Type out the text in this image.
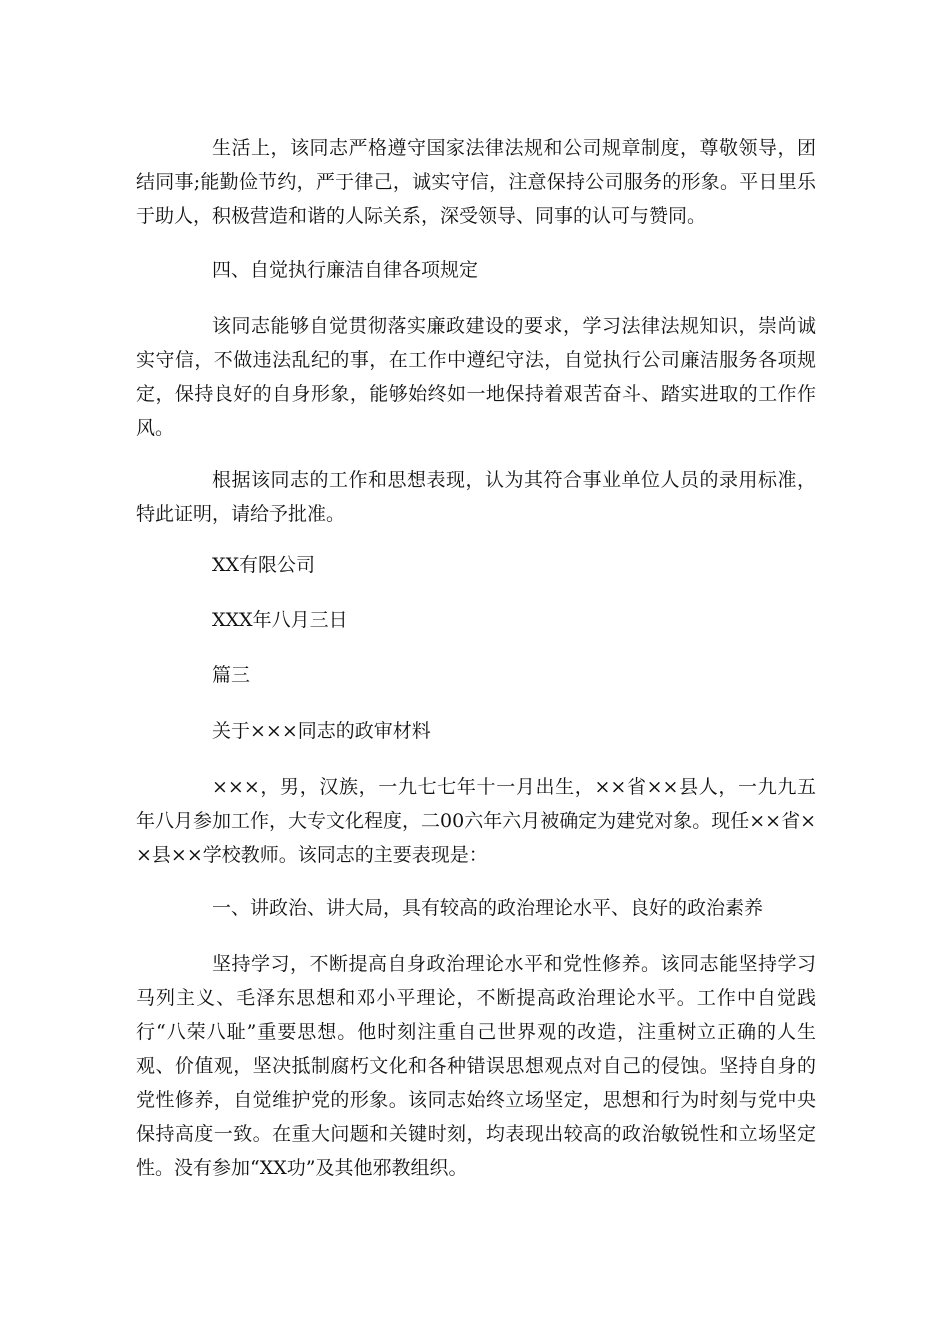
生活上，该同志严格遵守国家法律法规和公司规章制度，尊敬领导，团结同事;能勤俭节约，严于律己，诚实守信，注意保持公司服务的形象。平日里乐于助人，积极营造和谐的人际关系，深受领导、同事的认可与赞同。

四、自觉执行廉洁自律各项规定

该同志能够自觉贯彻落实廉政建设的要求，学习法律法规知识，崇尚诚实守信，不做违法乱纪的事，在工作中遵纪守法，自觉执行公司廉洁服务各项规定，保持良好的自身形象，能够始终如一地保持着艰苦奋斗、踏实进取的工作作风。

根据该同志的工作和思想表现，认为其符合事业单位人员的录用标准，特此证明，请给予批准。

XX有限公司

XXX年八月三日

篇三

关于×××同志的政审材料

×××，男，汉族，一九七七年十一月出生，××省××县人，一九九五年八月参加工作，大专文化程度，二00六年六月被确定为建党对象。现任××省××县××学校教师。该同志的主要表现是：

一、讲政治、讲大局，具有较高的政治理论水平、良好的政治素养

坚持学习，不断提高自身政治理论水平和党性修养。该同志能坚持学习马列主义、毛泽东思想和邓小平理论，不断提高政治理论水平。工作中自觉践行“八荣八耻”重要思想。他时刻注重自己世界观的改造，注重树立正确的人生观、价值观，坚决抵制腐朽文化和各种错误思想观点对自己的侵蚀。坚持自身的党性修养，自觉维护党的形象。该同志始终立场坚定，思想和行为时刻与党中央保持高度一致。在重大问题和关键时刻，均表现出较高的政治敏锐性和立场坚定性。没有参加“XX功”及其他邪教组织。
